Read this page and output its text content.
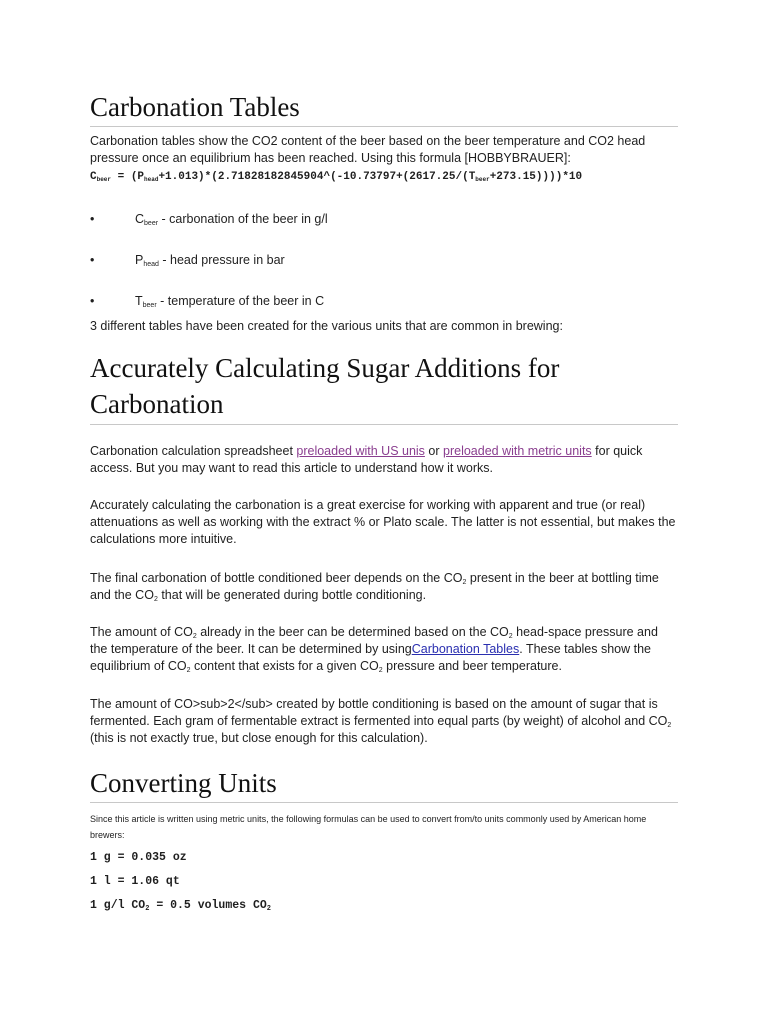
Carbonation Tables

Carbonation tables show the CO2 content of the beer based on the beer temperature and CO2 head pressure once an equilibrium has been reached. Using this formula [HOBBYBRAUER]:

$C_{beer}$ = $(P_{head}+1.013)*(2.71828182845904\^{}(-10.73797+(2617.25/(T_{beer}+273.15))))*10$
•	$C_{beer}$ - carbonation of the beer in g/l
•	$P_{head}$ - head pressure in bar
•	$T_{beer}$ - temperature of the beer in C

3 different tables have been created for the various units that are common in brewing:

Accurately Calculating Sugar Additions for Carbonation

Carbonation calculation spreadsheet preloaded with US unis or preloaded with metric units for quick access. But you may want to read this article to understand how it works.

Accurately calculating the carbonation is a great exercise for working with apparent and true (or real) attenuations as well as working with the extract % or Plato scale. The latter is not essential, but makes the calculations more intuitive.

The final carbonation of bottle conditioned beer depends on the $CO_2$ present in the beer at bottling time and the $CO_2$ that will be generated during bottle conditioning.

The amount of $CO_2$ already in the beer can be determined based on the $CO_2$ head-space pressure and the temperature of the beer. It can be determined by usingCarbonation Tables. These tables show the equilibrium of $CO_2$ content that exists for a given $CO_2$ pressure and beer temperature.

The amount of CO>sub>2</sub> created by bottle conditioning is based on the amount of sugar that is fermented. Each gram of fermentable extract is fermented into equal parts (by weight) of alcohol and $CO_2$ (this is not exactly true, but close enough for this calculation).

Converting Units

Since this article is written using metric units, the following formulas can be used to convert from/to units commonly used by American home brewers:

1 g = 0.035 oz
1 l = 1.06 qt
1 g/l $CO_2 = 0.5$ volumes $CO_2$
